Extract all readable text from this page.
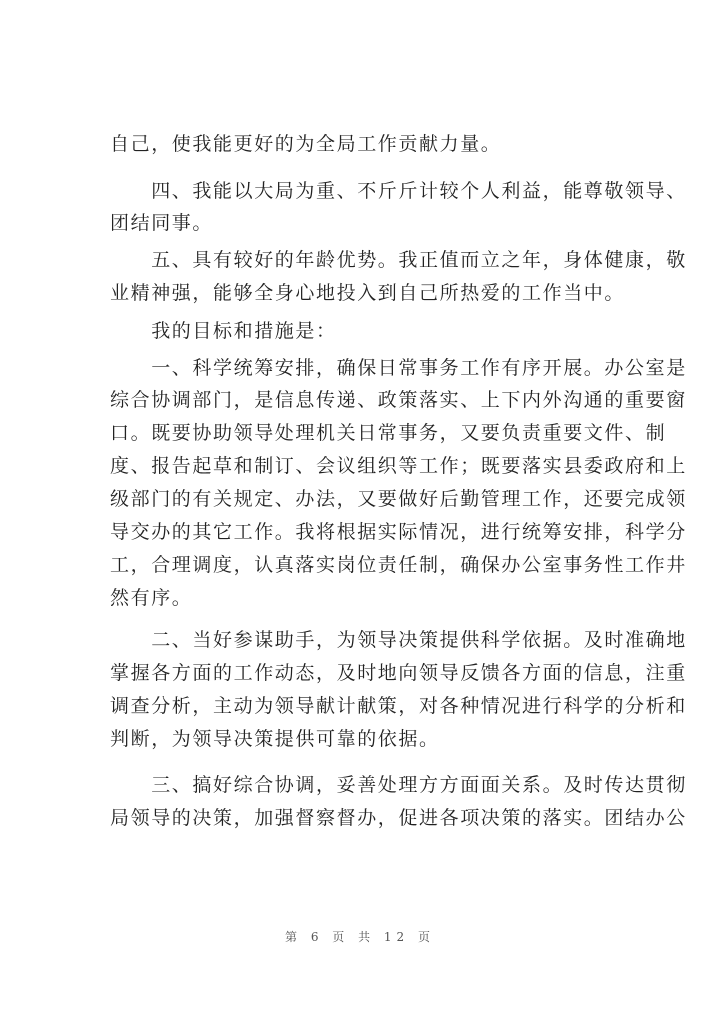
自己，使我能更好的为全局工作贡献力量。
　　四、我能以大局为重、不斤斤计较个人利益，能尊敬领导、
团结同事。
　　五、具有较好的年龄优势。我正值而立之年，身体健康，敬
业精神强，能够全身心地投入到自己所热爱的工作当中。
　　我的目标和措施是：
　　一、科学统筹安排，确保日常事务工作有序开展。办公室是
综合协调部门，是信息传递、政策落实、上下内外沟通的重要窗
口。既要协助领导处理机关日常事务，又要负责重要文件、制
度、报告起草和制订、会议组织等工作；既要落实县委政府和上
级部门的有关规定、办法，又要做好后勤管理工作，还要完成领
导交办的其它工作。我将根据实际情况，进行统筹安排，科学分
工，合理调度，认真落实岗位责任制，确保办公室事务性工作井
然有序。
　　二、当好参谋助手，为领导决策提供科学依据。及时准确地
掌握各方面的工作动态，及时地向领导反馈各方面的信息，注重
调查分析，主动为领导献计献策，对各种情况进行科学的分析和
判断，为领导决策提供可靠的依据。
　　三、搞好综合协调，妥善处理方方面面关系。及时传达贯彻
局领导的决策，加强督察督办，促进各项决策的落实。团结办公
第 6 页 共 12 页
